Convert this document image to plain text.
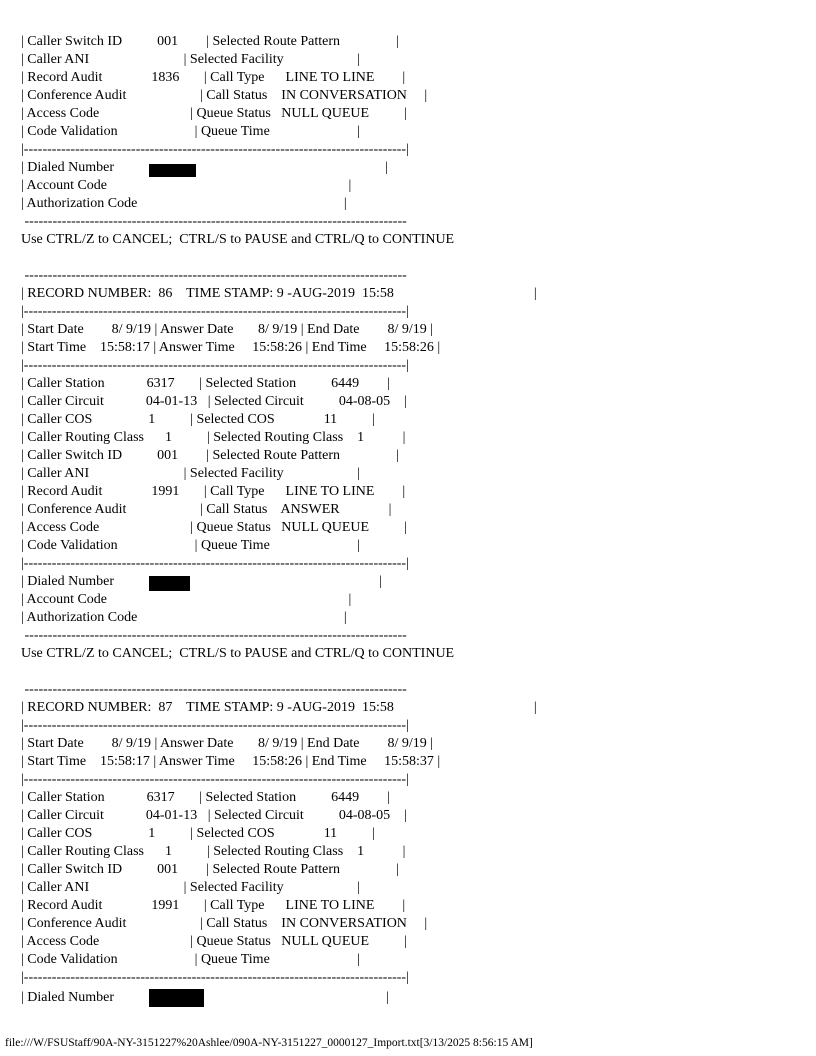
| Caller Switch ID          001        | Selected Route Pattern                |
| Caller ANI                           | Selected Facility                     |
| Record Audit              1836       | Call Type      LINE TO LINE        |
| Conference Audit                     | Call Status    IN CONVERSATION     |
| Access Code                          | Queue Status   NULL QUEUE          |
| Code Validation                      | Queue Time                         |
|----------------------------------------------------------------------------------|
| Dialed Number	|
| Account Code                                                                     |
| Authorization Code                                                           |
----------------------------------------------------------------------------------
Use CTRL/Z to CANCEL;  CTRL/S to PAUSE and CTRL/Q to CONTINUE
----------------------------------------------------------------------------------
| RECORD NUMBER:  86    TIME STAMP: 9 -AUG-2019  15:58                                        |
|----------------------------------------------------------------------------------|
| Start Date        8/ 9/19 | Answer Date       8/ 9/19 | End Date        8/ 9/19 |
| Start Time    15:58:17 | Answer Time     15:58:26 | End Time     15:58:26 |
|----------------------------------------------------------------------------------|
| Caller Station            6317       | Selected Station          6449        |
| Caller Circuit            04-01-13   | Selected Circuit          04-08-05    |
| Caller COS                1          | Selected COS              11          |
| Caller Routing Class      1          | Selected Routing Class    1           |
| Caller Switch ID          001        | Selected Route Pattern                |
| Caller ANI                           | Selected Facility                     |
| Record Audit              1991       | Call Type      LINE TO LINE        |
| Conference Audit                     | Call Status    ANSWER              |
| Access Code                          | Queue Status   NULL QUEUE          |
| Code Validation                      | Queue Time                         |
|----------------------------------------------------------------------------------|
| Dialed Number	|
| Account Code                                                                     |
| Authorization Code                                                           |
----------------------------------------------------------------------------------
Use CTRL/Z to CANCEL;  CTRL/S to PAUSE and CTRL/Q to CONTINUE
----------------------------------------------------------------------------------
| RECORD NUMBER:  87    TIME STAMP: 9 -AUG-2019  15:58                                        |
|----------------------------------------------------------------------------------|
| Start Date        8/ 9/19 | Answer Date       8/ 9/19 | End Date        8/ 9/19 |
| Start Time    15:58:17 | Answer Time     15:58:26 | End Time     15:58:37 |
|----------------------------------------------------------------------------------|
| Caller Station            6317       | Selected Station          6449        |
| Caller Circuit            04-01-13   | Selected Circuit          04-08-05    |
| Caller COS                1          | Selected COS              11          |
| Caller Routing Class      1          | Selected Routing Class    1           |
| Caller Switch ID          001        | Selected Route Pattern                |
| Caller ANI                           | Selected Facility                     |
| Record Audit              1991       | Call Type      LINE TO LINE        |
| Conference Audit                     | Call Status    IN CONVERSATION     |
| Access Code                          | Queue Status   NULL QUEUE          |
| Code Validation                      | Queue Time                         |
|----------------------------------------------------------------------------------|
| Dialed Number	|
file:///W/FSUStaff/90A-NY-3151227%20Ashlee/090A-NY-3151227_0000127_Import.txt[3/13/2025 8:56:15 AM]
